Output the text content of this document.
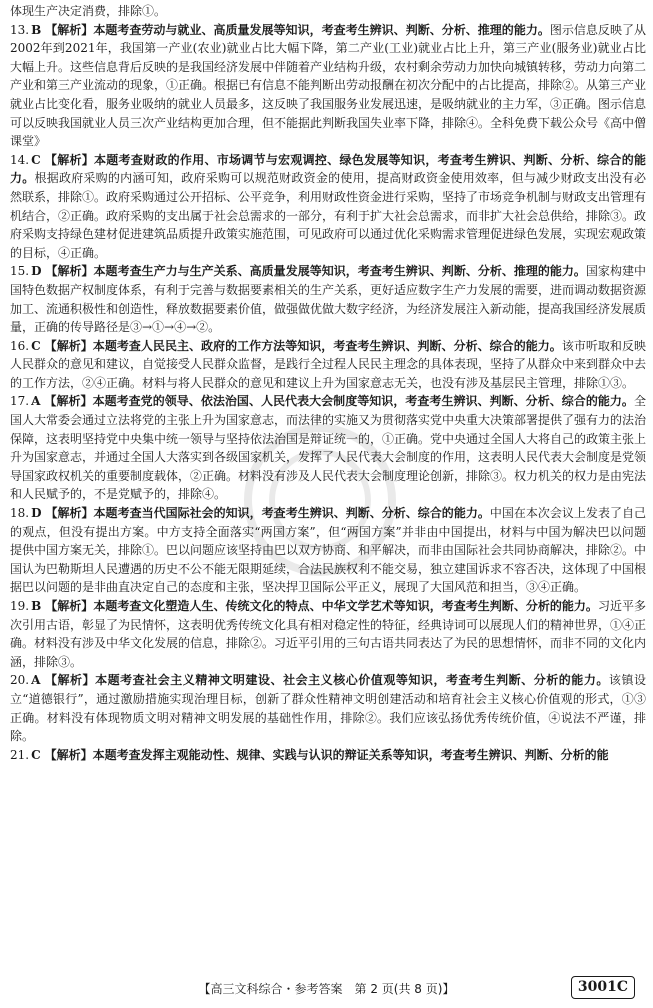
体现生产决定消费，排除①。

13. B 【解析】本题考查劳动与就业、高质量发展等知识，考查考生辨识、判断、分析、推理的能力。图示信息反映了从2002年到2021年，我国第一产业(农业)就业占比大幅下降，第二产业(工业)就业占比上升，第三产业(服务业)就业占比大幅上升。这些信息背后反映的是我国经济发展中伴随着产业结构升级，农村剩余劳动力加快向城镇转移，劳动力向第二产业和第三产业流动的现象，①正确。根据已有信息不能判断出劳动报酬在初次分配中的占比提高，排除②。从第三产业就业占比变化看，服务业吸纳的就业人员最多，这反映了我国服务业发展迅速，是吸纳就业的主力军，③正确。图示信息可以反映我国就业人员三次产业结构更加合理，但不能据此判断我国失业率下降，排除④。全科免费下载公众号《高中僧课堂》

14. C 【解析】本题考查财政的作用、市场调节与宏观调控、绿色发展等知识，考查考生辨识、判断、分析、综合的能力。根据政府采购的内涵可知，政府采购可以规范财政资金的使用，提高财政资金使用效率，但与减少财政支出没有必然联系，排除①。政府采购通过公开招标、公平竞争，利用财政性资金进行采购，坚持了市场竞争机制与财政支出管理有机结合，②正确。政府采购的支出属于社会总需求的一部分，有利于扩大社会总需求，而非扩大社会总供给，排除③。政府采购支持绿色建材促进建筑品质提升政策实施范围，可见政府可以通过优化采购需求管理促进绿色发展，实现宏观政策的目标，④正确。

15. D 【解析】本题考查生产力与生产关系、高质量发展等知识，考查考生辨识、判断、分析、推理的能力。国家构建中国特色数据产权制度体系，有利于完善与数据要素相关的生产关系，更好适应数字生产力发展的需要，进而调动数据资源加工、流通积极性和创造性，释放数据要素价值，做强做优做大数字经济，为经济发展注入新动能，提高我国经济发展质量，正确的传导路径是③→①→④→②。

16. C 【解析】本题考查人民民主、政府的工作方法等知识，考查考生辨识、判断、分析、综合的能力。该市听取和反映人民群众的意见和建议，自觉接受人民群众监督，是践行全过程人民民主理念的具体表现，坚持了从群众中来到群众中去的工作方法，②④正确。材料与将人民群众的意见和建议上升为国家意志无关，也没有涉及基层民主管理，排除①③。

17. A 【解析】本题考查党的领导、依法治国、人民代表大会制度等知识，考查考生辨识、判断、分析、综合的能力。全国人大常委会通过立法将党的主张上升为国家意志，而法律的实施又为贯彻落实党中央重大决策部署提供了强有力的法治保障，这表明坚持党中央集中统一领导与坚持依法治国是辩证统一的，①正确。党中央通过全国人大将自己的政策主张上升为国家意志，并通过全国人大落实到各级国家机关，发挥了人民代表大会制度的作用，这表明人民代表大会制度是党领导国家政权机关的重要制度载体，②正确。材料没有涉及人民代表大会制度理论创新，排除③。权力机关的权力是由宪法和人民赋予的，不是党赋予的，排除④。

18. D 【解析】本题考查当代国际社会的知识，考查考生辨识、判断、分析、综合的能力。中国在本次会议上发表了自己的观点，但没有提出方案。中方支持全面落实“两国方案”，但“两国方案”并非由中国提出，材料与中国为解决巴以问题提供中国方案无关，排除①。巴以问题应该坚持由巴以双方协商、和平解决，而非由国际社会共同协商解决，排除②。中国认为巴勒斯坦人民遭遇的历史不公不能无限期延续，合法民族权利不能交易，独立建国诉求不容否决，这体现了中国根据巴以问题的是非曲直决定自己的态度和主张，坚决捍卫国际公平正义，展现了大国风范和担当，③④正确。

19. B 【解析】本题考查文化塑造人生、传统文化的特点、中华文学艺术等知识，考查考生判断、分析的能力。习近平多次引用古语，彰显了为民情怀，这表明优秀传统文化具有相对稳定性的特征，经典诗词可以展现人们的精神世界，①④正确。材料没有涉及中华文化发展的信息，排除②。习近平引用的三句古语共同表达了为民的思想情怀，而非不同的文化内涵，排除③。

20. A 【解析】本题考查社会主义精神文明建设、社会主义核心价值观等知识，考查考生判断、分析的能力。该镇设立“道德银行”，通过激励措施实现治理目标，创新了群众性精神文明创建活动和培育社会主义核心价值观的形式，①③正确。材料没有体现物质文明对精神文明发展的基础性作用，排除②。我们应该弘扬优秀传统价值，④说法不严谨，排除。

21. C 【解析】本题考查发挥主观能动性、规律、实践与认识的辩证关系等知识，考查考生辨识、判断、分析的能

【高三文科综合・参考答案　第 2 页(共 8 页)】	3001C
